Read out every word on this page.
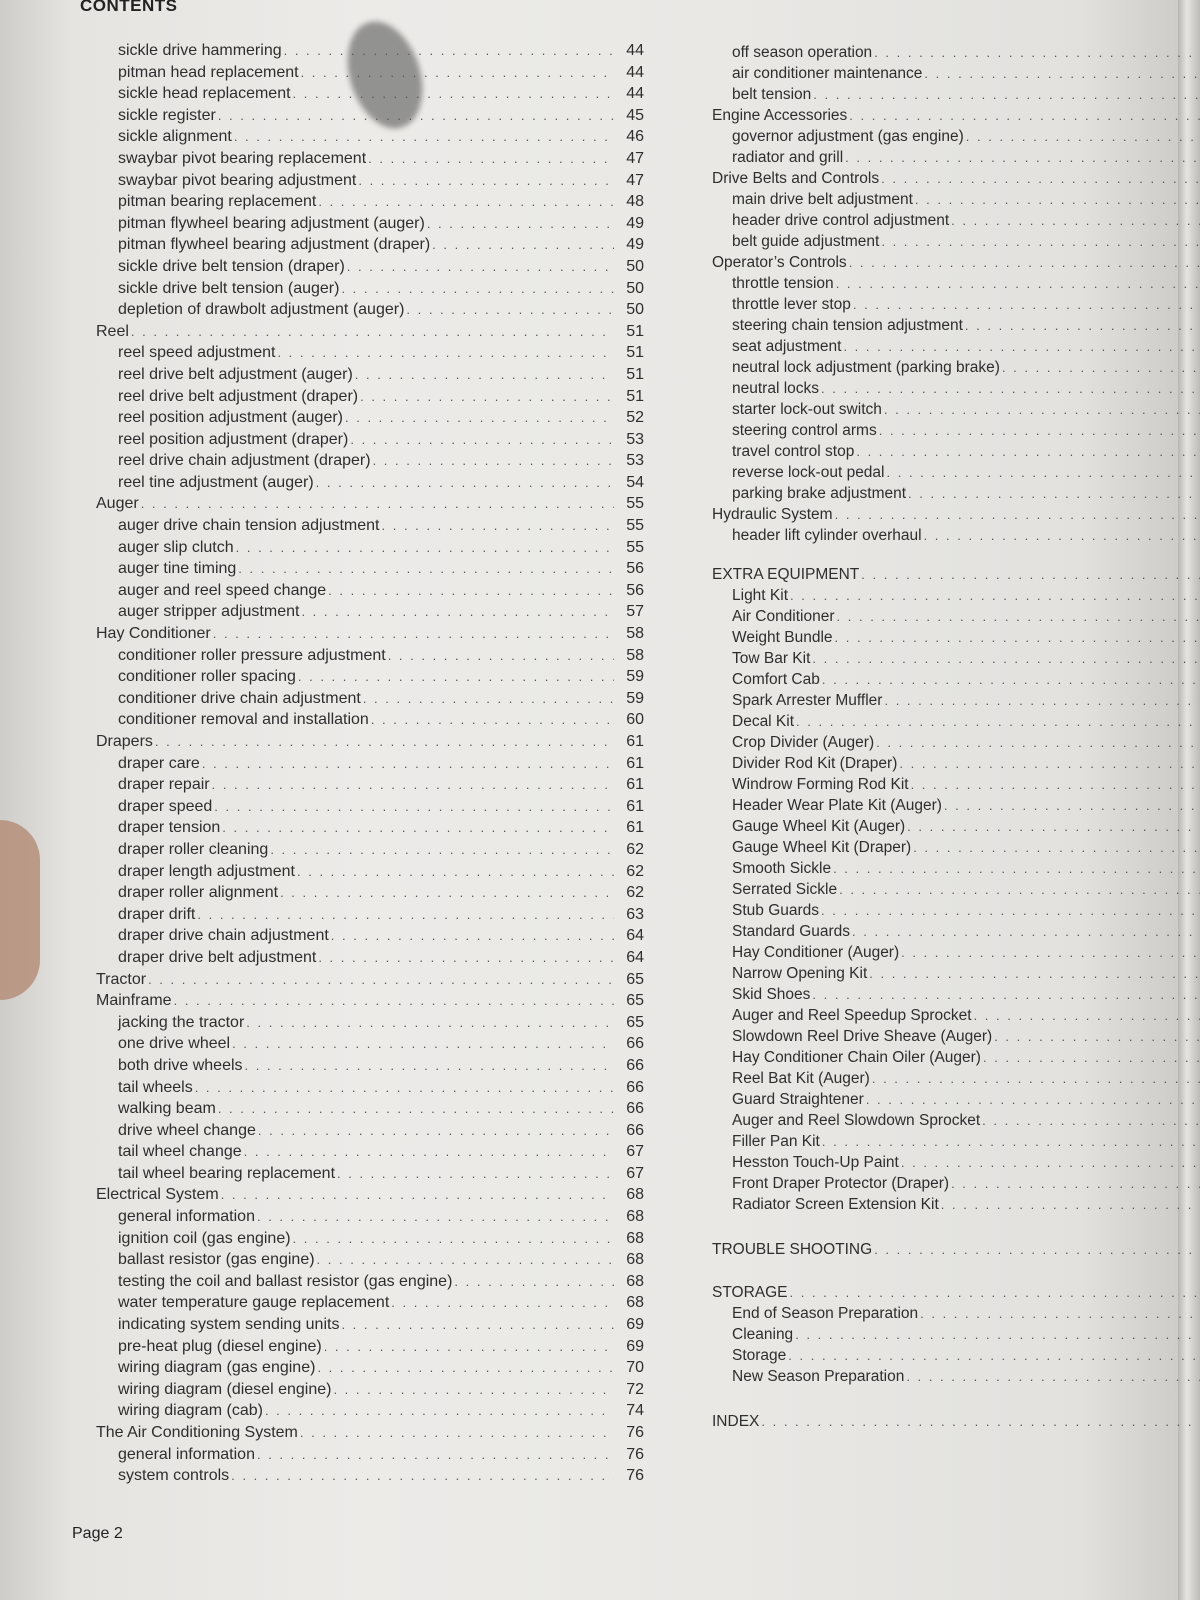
CONTENTS
sickle drive hammering . . .	44
pitman head replacement . . .	44
sickle head replacement . . .	44
sickle register . . .	45
sickle alignment . . .	46
swaybar pivot bearing replacement . . .	47
swaybar pivot bearing adjustment . . .	47
pitman bearing replacement . . .	48
pitman flywheel bearing adjustment (auger) . . .	49
pitman flywheel bearing adjustment (draper) . . .	49
sickle drive belt tension (draper) . . .	50
sickle drive belt tension (auger) . . .	50
depletion of drawbolt adjustment (auger) . . .	50
Reel . . .	51
reel speed adjustment . . .	51
reel drive belt adjustment (auger) . . .	51
reel drive belt adjustment (draper) . . .	51
reel position adjustment (auger) . . .	52
reel position adjustment (draper) . . .	53
reel drive chain adjustment (draper) . . .	53
reel tine adjustment (auger) . . .	54
Auger . . .	55
auger drive chain tension adjustment . . .	55
auger slip clutch . . .	55
auger tine timing . . .	56
auger and reel speed change . . .	56
auger stripper adjustment . . .	57
Hay Conditioner . . .	58
conditioner roller pressure adjustment . . .	58
conditioner roller spacing . . .	59
conditioner drive chain adjustment . . .	59
conditioner removal and installation . . .	60
Drapers . . .	61
draper care . . .	61
draper repair . . .	61
draper speed . . .	61
draper tension . . .	61
draper roller cleaning . . .	62
draper length adjustment . . .	62
draper roller alignment . . .	62
draper drift . . .	63
draper drive chain adjustment . . .	64
draper drive belt adjustment . . .	64
Tractor . . .	65
Mainframe . . .	65
jacking the tractor . . .	65
one drive wheel . . .	66
both drive wheels . . .	66
tail wheels . . .	66
walking beam . . .	66
drive wheel change . . .	66
tail wheel change . . .	67
tail wheel bearing replacement . . .	67
Electrical System . . .	68
general information . . .	68
ignition coil (gas engine) . . .	68
ballast resistor (gas engine) . . .	68
testing the coil and ballast resistor (gas engine) . . .	68
water temperature gauge replacement . . .	68
indicating system sending units . . .	69
pre-heat plug (diesel engine) . . .	69
wiring diagram (gas engine) . . .	70
wiring diagram (diesel engine) . . .	72
wiring diagram (cab) . . .	74
The Air Conditioning System . . .	76
general information . . .	76
system controls . . .	76
off season operation
. . .
air conditioner maintenance
. . .
belt tension
. . .
Engine Accessories
. . .
governor adjustment (gas engine)
. . .
radiator and grill
. . .
Drive Belts and Controls
. . .
main drive belt adjustment
. . .
header drive control adjustment
. . .
belt guide adjustment
. . .
Operator’s Controls
. . .
throttle tension
. . .
throttle lever stop
. . .
steering chain tension adjustment
. . .
seat adjustment
. . .
neutral lock adjustment (parking brake)
. . .
neutral locks
. . .
starter lock-out switch
. . .
steering control arms
. . .
travel control stop
. . .
reverse lock-out pedal
. . .
parking brake adjustment
. . .
Hydraulic System
. . .
header lift cylinder overhaul
. . .
EXTRA EQUIPMENT
. . .
Light Kit
. . .
Air Conditioner
. . .
Weight Bundle
. . .
Tow Bar Kit
. . .
Comfort Cab
. . .
Spark Arrester Muffler
. . .
Decal Kit
. . .
Crop Divider (Auger)
. . .
Divider Rod Kit (Draper)
. . .
Windrow Forming Rod Kit
. . .
Header Wear Plate Kit (Auger)
. . .
Gauge Wheel Kit (Auger)
. . .
Gauge Wheel Kit (Draper)
. . .
Smooth Sickle
. . .
Serrated Sickle
. . .
Stub Guards
. . .
Standard Guards
. . .
Hay Conditioner (Auger)
. . .
Narrow Opening Kit
. . .
Skid Shoes
. . .
Auger and Reel Speedup Sprocket
. . .
Slowdown Reel Drive Sheave (Auger)
. . .
Hay Conditioner Chain Oiler (Auger)
. . .
Reel Bat Kit (Auger)
. . .
Guard Straightener
. . .
Auger and Reel Slowdown Sprocket
. . .
Filler Pan Kit
. . .
Hesston Touch-Up Paint
. . .
Front Draper Protector (Draper)
. . .
Radiator Screen Extension Kit
. . .
TROUBLE SHOOTING
. . .
STORAGE
. . .
End of Season Preparation
. . .
Cleaning
. . .
Storage
. . .
New Season Preparation
. . .
INDEX
. . .
Page 2
